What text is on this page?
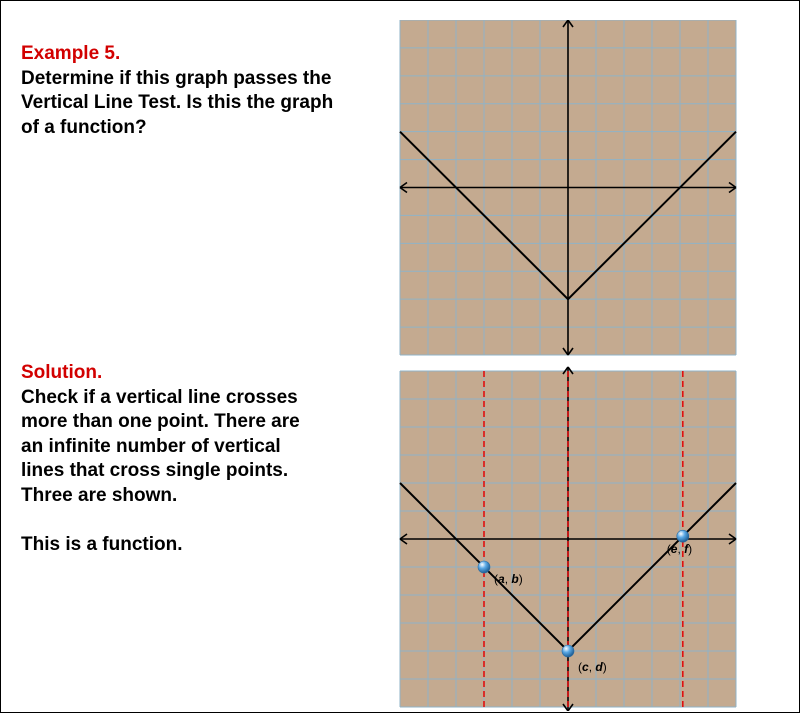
Example 5.
Determine if this graph passes the
Vertical Line Test. Is this the graph
of a function?
Solution.
Check if a vertical line crosses
more than one point. There are
an infinite number of vertical
lines that cross single points.
Three are shown.
This is a function.
(a, b)
(c, d)
(e, f)
